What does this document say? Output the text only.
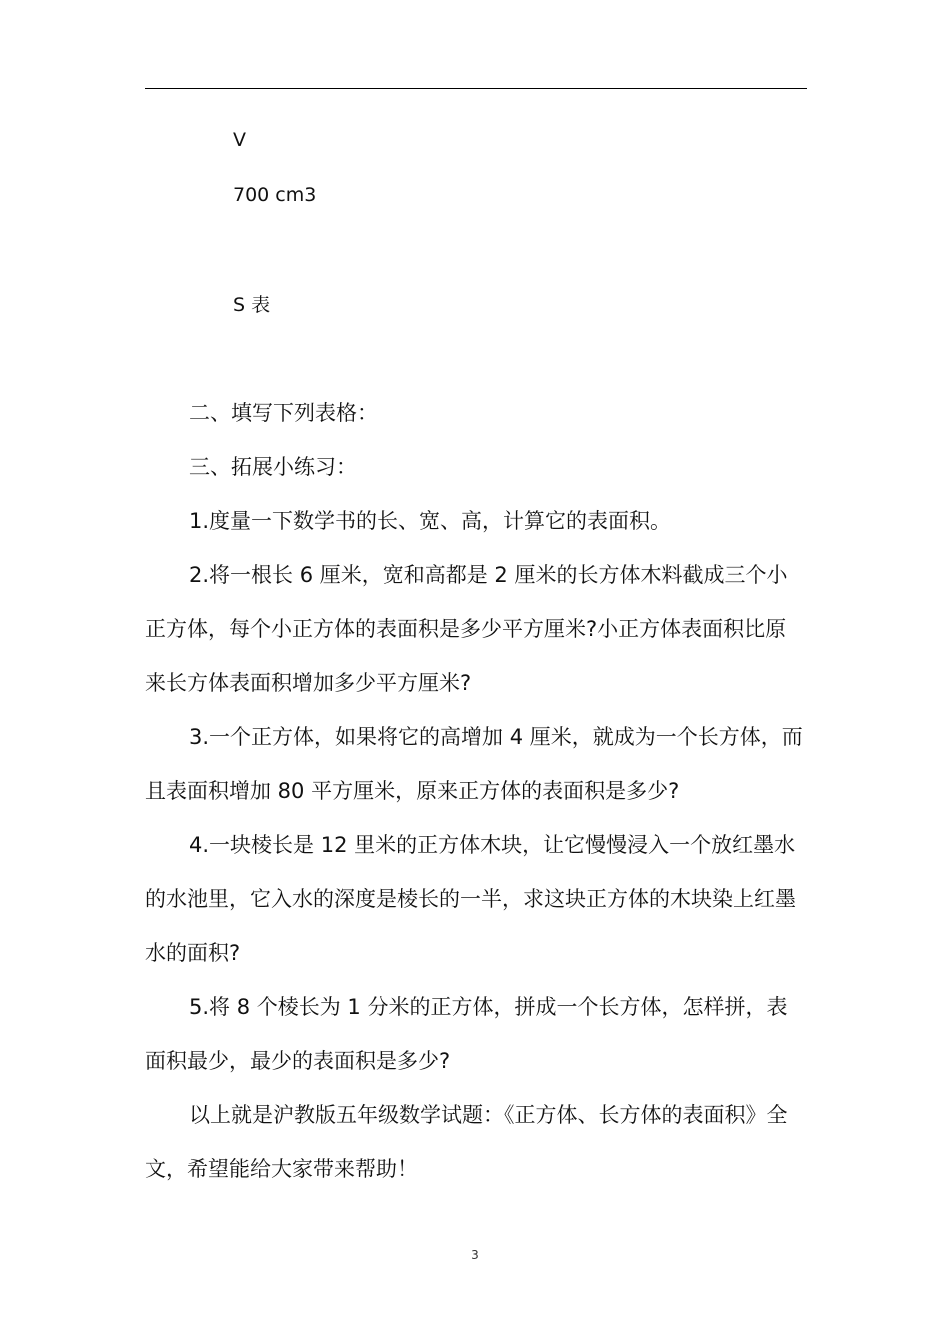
V
700 cm3
S 表

二、填写下列表格：

三、拓展小练习：

1.度量一下数学书的长、宽、高，计算它的表面积。

2.将一根长 6 厘米，宽和高都是 2 厘米的长方体木料截成三个小正方体，每个小正方体的表面积是多少平方厘米?小正方体表面积比原来长方体表面积增加多少平方厘米?

3.一个正方体，如果将它的高增加 4 厘米，就成为一个长方体，而且表面积增加 80 平方厘米，原来正方体的表面积是多少?

4.一块棱长是 12 里米的正方体木块，让它慢慢浸入一个放红墨水的水池里，它入水的深度是棱长的一半，求这块正方体的木块染上红墨水的面积?

5.将 8 个棱长为 1 分米的正方体，拼成一个长方体，怎样拼，表面积最少，最少的表面积是多少?

以上就是沪教版五年级数学试题：《正方体、长方体的表面积》全文，希望能给大家带来帮助！

3
